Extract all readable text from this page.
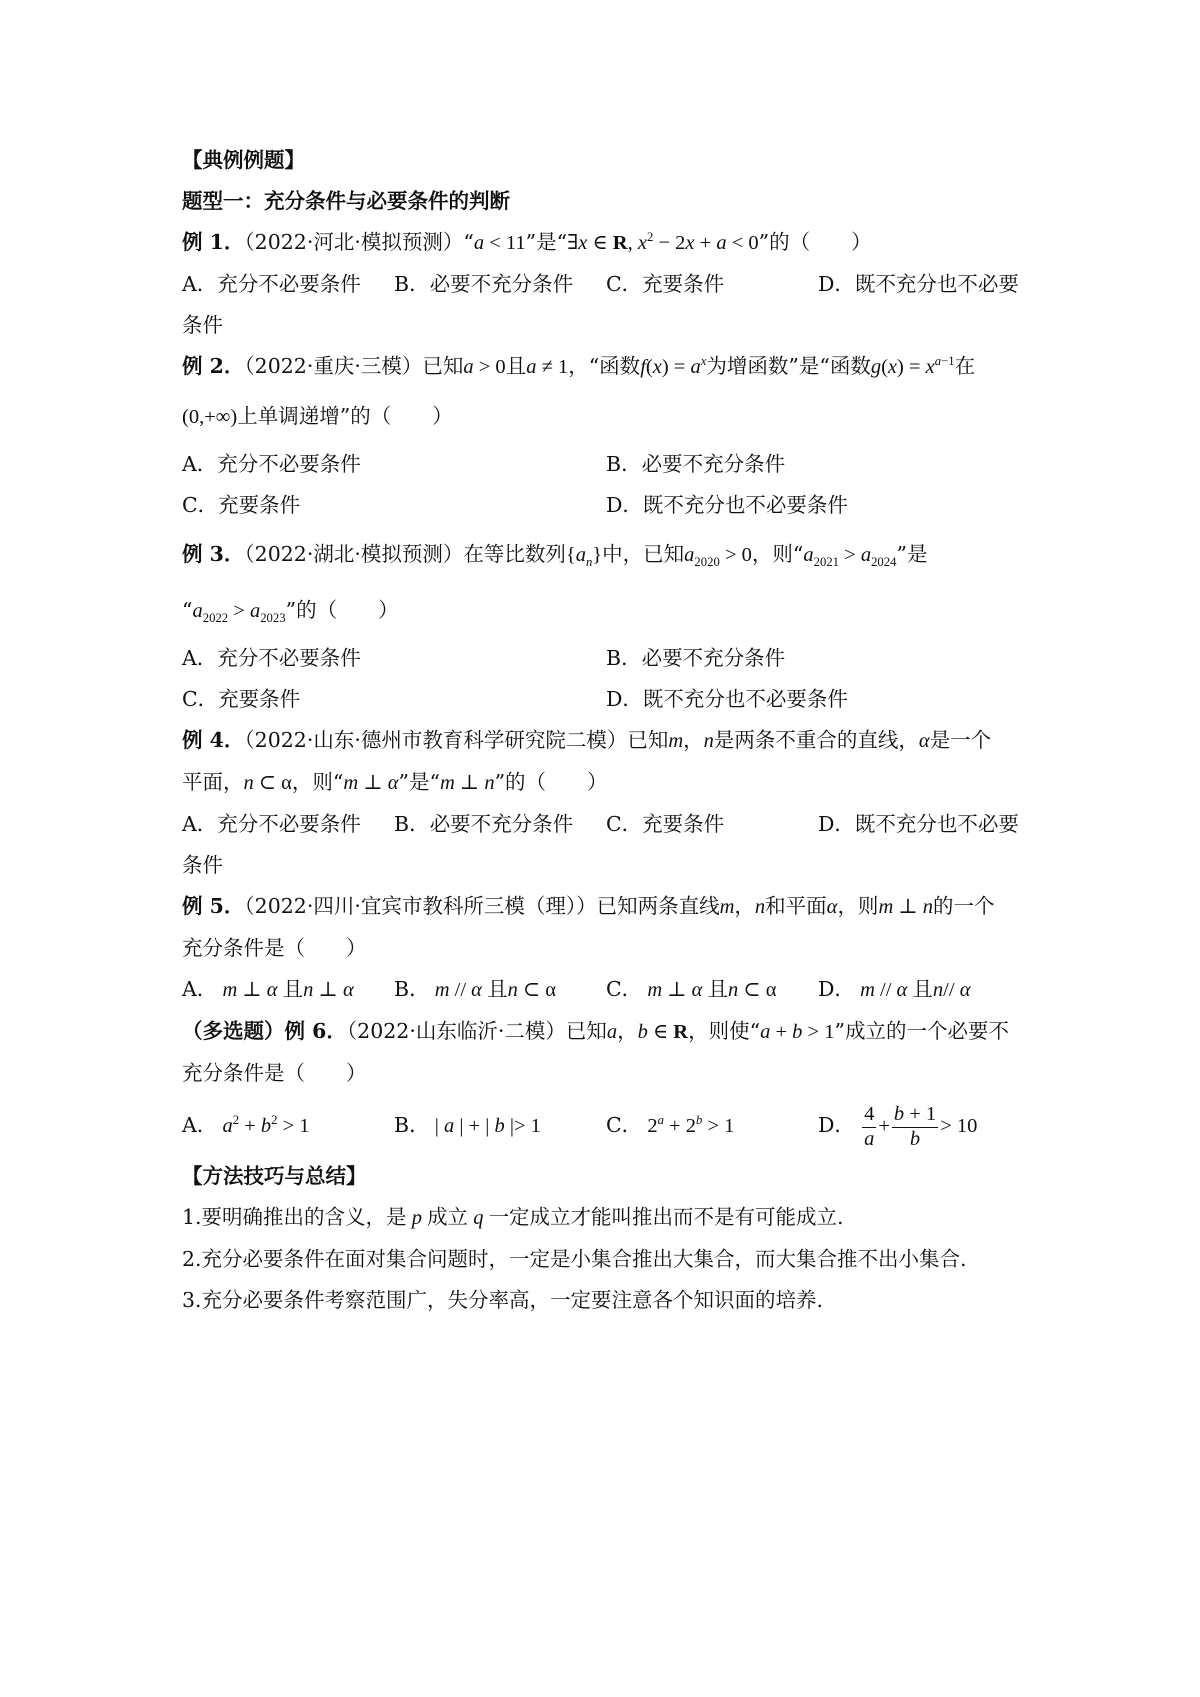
【典例例题】
题型一：充分条件与必要条件的判断
例 1．（2022·河北·模拟预测）“a < 11”是“∃x ∈ R, $x^2 - 2x + a < 0$”的（　　）
A．充分不必要条件	B．必要不充分条件	C．充要条件	D．既不充分也不必要
条件
例 2．（2022·重庆·三模）已知a > 0且a ≠ 1，“函数$f(x) = a^x$为增函数”是“函数$g(x) = x^{a-1}$在
(0,+∞)上单调递增”的（　　）
A．充分不必要条件	B．必要不充分条件
C．充要条件	D．既不充分也不必要条件
例 3．（2022·湖北·模拟预测）在等比数列$\{a_n\}$中，已知$a_{2020} > 0$，则“$a_{2021} > a_{2024}$”是
“$a_{2022} > a_{2023}$”的（　　）
A．充分不必要条件	B．必要不充分条件
C．充要条件	D．既不充分也不必要条件
例 4．（2022·山东·德州市教育科学研究院二模）已知m，n是两条不重合的直线，α是一个
平面，n ⊂ α，则“m ⊥ α”是“m ⊥ n”的（　　）
A．充分不必要条件	B．必要不充分条件	C．充要条件	D．既不充分也不必要
条件
例 5．（2022·四川·宜宾市教科所三模（理））已知两条直线m，n和平面α，则m ⊥ n的一个
充分条件是（　　）
A． m ⊥ α 且n ⊥ α	B． m // α 且n ⊂ α	C． m ⊥ α 且n ⊂ α	D． m // α 且n// α
（多选题）例 6．（2022·山东临沂·二模）已知a，b ∈ R，则使“a + b > 1”成立的一个必要不
充分条件是（　　）
A． $a^2 + b^2 > 1$	B． | a | + | b |> 1	C． $2^a + 2^b > 1$	D． $\frac{4}{a} + \frac{b + 1}{b} > 10$
【方法技巧与总结】
1.要明确推出的含义，是 p 成立 q 一定成立才能叫推出而不是有可能成立.
2.充分必要条件在面对集合问题时，一定是小集合推出大集合，而大集合推不出小集合.
3.充分必要条件考察范围广，失分率高，一定要注意各个知识面的培养.
